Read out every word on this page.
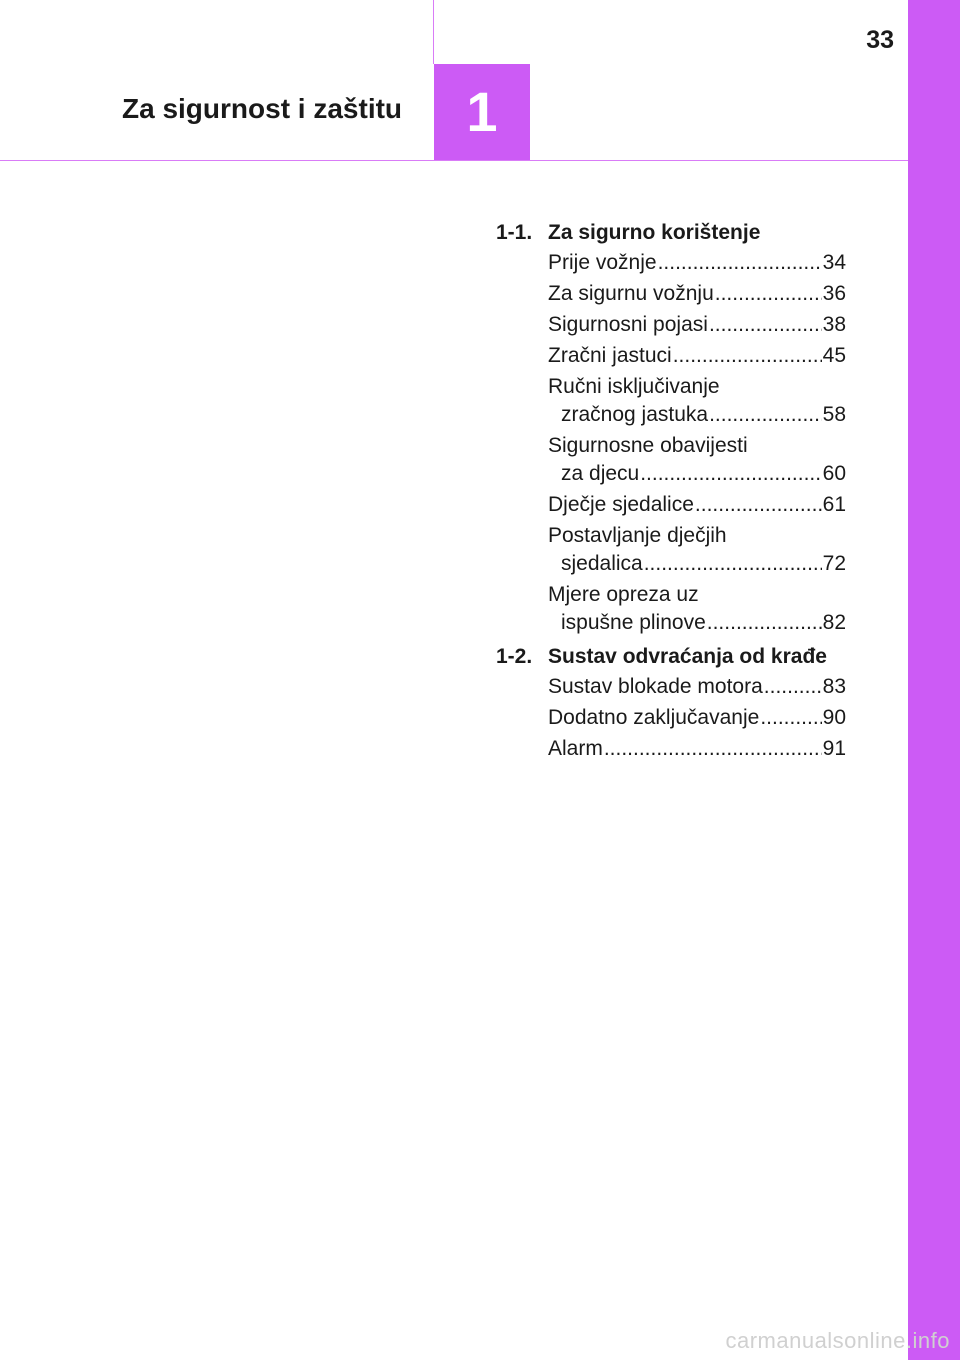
Za sigurnost i zaštitu 1
33
1-1. Za sigurno korištenje
Prije vožnje .....	34
Za sigurnu vožnju .....	36
Sigurnosni pojasi .....	38
Zračni jastuci .....	45
Ručni isključivanje
zračnog jastuka .....	58
Sigurnosne obavijesti
za djecu .....	60
Dječje sjedalice .....	61
Postavljanje dječjih
sjedalica .....	72
Mjere opreza uz
ispušne plinove .....	82
1-2. Sustav odvraćanja od krađe
Sustav blokade motora .....	83
Dodatno zaključavanje .....	90
Alarm .....	91
carmanualsonline.info
